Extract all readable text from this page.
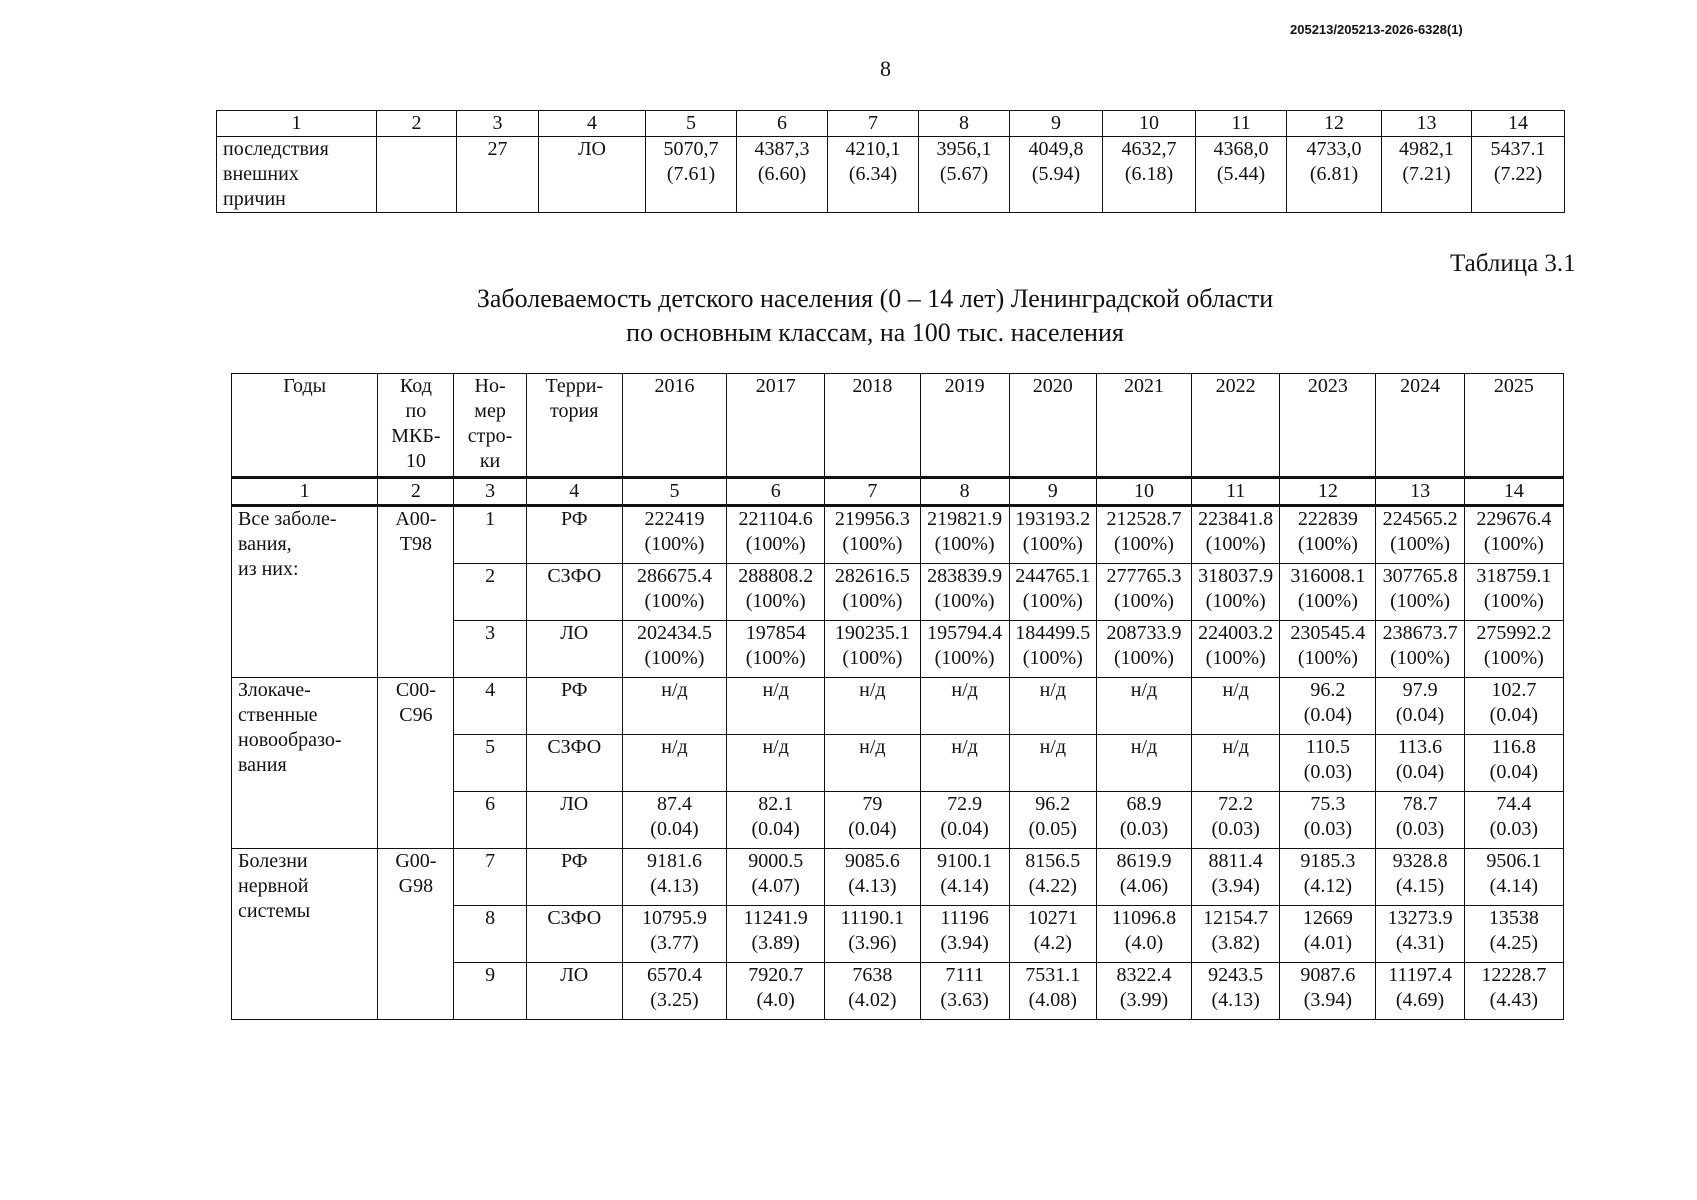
205213/205213-2026-6328(1)
8
1	2	3	4	5	6	7	8	9	10	11	12	13	14
последствия
внешних
причин		27	ЛО	5070,7
(7.61)	4387,3
(6.60)	4210,1
(6.34)	3956,1
(5.67)	4049,8
(5.94)	4632,7
(6.18)	4368,0
(5.44)	4733,0
(6.81)	4982,1
(7.21)	5437.1
(7.22)
Таблица 3.1
Заболеваемость детского населения (0 – 14 лет) Ленинградской области
по основным классам, на 100 тыс. населения
Годы	Код
по
МКБ-
10	Но-
мер
стро-
ки	Терри-
тория	2016	2017	2018	2019	2020	2021	2022	2023	2024	2025
1	2	3	4	5	6	7	8	9	10	11	12	13	14
Все заболе-
вания,
из них:	А00-
Т98	1	РФ	222419
(100%)	221104.6
(100%)	219956.3
(100%)	219821.9
(100%)	193193.2
(100%)	212528.7
(100%)	223841.8
(100%)	222839
(100%)	224565.2
(100%)	229676.4
(100%)
		2	СЗФО	286675.4
(100%)	288808.2
(100%)	282616.5
(100%)	283839.9
(100%)	244765.1
(100%)	277765.3
(100%)	318037.9
(100%)	316008.1
(100%)	307765.8
(100%)	318759.1
(100%)
		3	ЛО	202434.5
(100%)	197854
(100%)	190235.1
(100%)	195794.4
(100%)	184499.5
(100%)	208733.9
(100%)	224003.2
(100%)	230545.4
(100%)	238673.7
(100%)	275992.2
(100%)
Злокаче-
ственные
новообразо-
вания	С00-
С96	4	РФ	н/д	н/д	н/д	н/д	н/д	н/д	н/д	96.2
(0.04)	97.9
(0.04)	102.7
(0.04)
		5	СЗФО	н/д	н/д	н/д	н/д	н/д	н/д	н/д	110.5
(0.03)	113.6
(0.04)	116.8
(0.04)
		6	ЛО	87.4
(0.04)	82.1
(0.04)	79
(0.04)	72.9
(0.04)	96.2
(0.05)	68.9
(0.03)	72.2
(0.03)	75.3
(0.03)	78.7
(0.03)	74.4
(0.03)
Болезни
нервной
системы	G00-
G98	7	РФ	9181.6
(4.13)	9000.5
(4.07)	9085.6
(4.13)	9100.1
(4.14)	8156.5
(4.22)	8619.9
(4.06)	8811.4
(3.94)	9185.3
(4.12)	9328.8
(4.15)	9506.1
(4.14)
		8	СЗФО	10795.9
(3.77)	11241.9
(3.89)	11190.1
(3.96)	11196
(3.94)	10271
(4.2)	11096.8
(4.0)	12154.7
(3.82)	12669
(4.01)	13273.9
(4.31)	13538
(4.25)
		9	ЛО	6570.4
(3.25)	7920.7
(4.0)	7638
(4.02)	7111
(3.63)	7531.1
(4.08)	8322.4
(3.99)	9243.5
(4.13)	9087.6
(3.94)	11197.4
(4.69)	12228.7
(4.43)
